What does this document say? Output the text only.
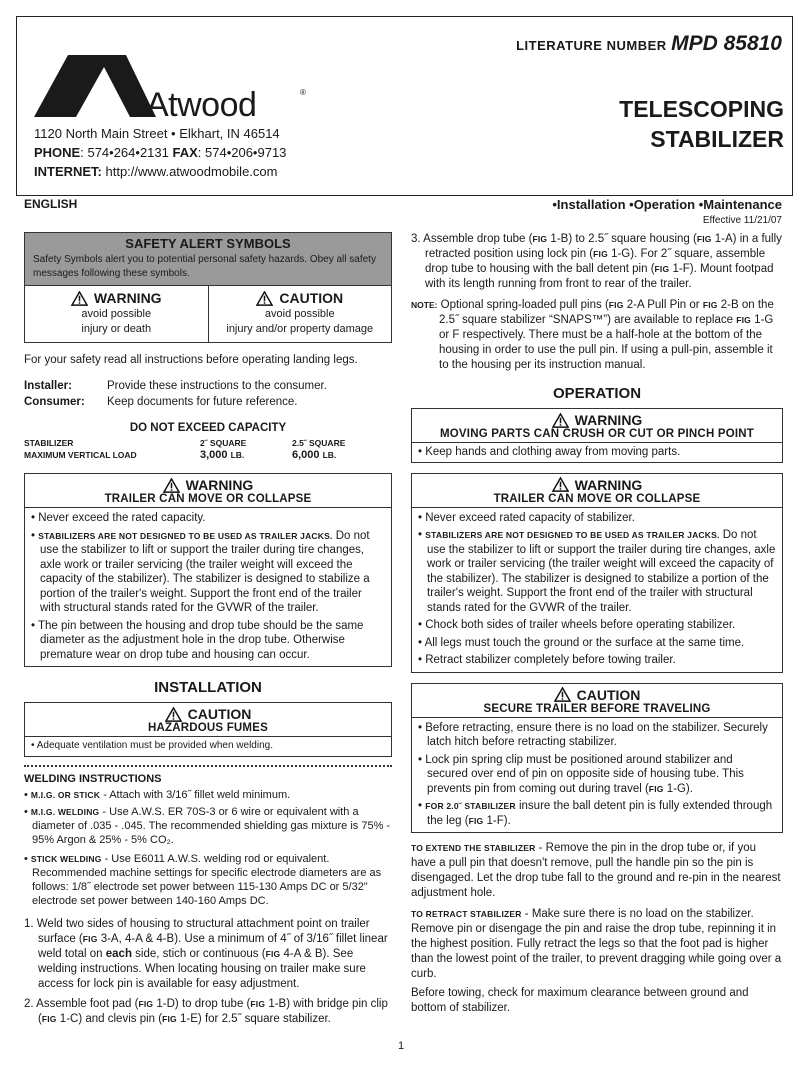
LITERATURE NUMBER MPD 85810
Atwood	®
1120 North Main Street • Elkhart, IN 46514
PHONE: 574•264•2131 FAX: 574•206•9713
INTERNET: http://www.atwoodmobile.com
TELESCOPING
STABILIZER
ENGLISH	•Installation •Operation •Maintenance
Effective 11/21/07
SAFETY ALERT SYMBOLS
Safety Symbols alert you to potential personal safety hazards. Obey all safety messages following these symbols.
WARNING
avoid possible
injury or death
CAUTION
avoid possible
injury and/or property damage
For your safety read all instructions before operating landing legs.
Installer:	Provide these instructions to the consumer.
Consumer:	Keep documents for future reference.
DO NOT EXCEED CAPACITY
STABILIZER	2˝ SQUARE	2.5˝ SQUARE
MAXIMUM VERTICAL LOAD	3,000 LB.	6,000 LB.
WARNING
TRAILER CAN MOVE OR COLLAPSE
• Never exceed the rated capacity.
• STABILIZERS ARE NOT DESIGNED TO BE USED AS TRAILER JACKS. Do not use the stabilizer to lift or support the trailer during tire changes, axle work or trailer servicing (the trailer weight will exceed the capacity of the stabilizer). The stabilizer is designed to stabilize a portion of the trailer's weight. Support the front end of the trailer with structural stands rated for the GVWR of the trailer.
• The pin between the housing and drop tube should be the same diameter as the adjustment hole in the drop tube. Otherwise premature wear on drop tube and housing can occur.
INSTALLATION
CAUTION
HAZARDOUS FUMES
• Adequate ventilation must be provided when welding.
WELDING INSTRUCTIONS
• M.I.G. OR STICK - Attach with 3/16˝ fillet weld minimum.
• M.I.G. WELDING - Use A.W.S. ER 70S-3 or 6 wire or equivalent with a diameter of .035 - .045. The recommended shielding gas mixture is 75% - 95% Argon & 25% - 5% CO₂.
• STICK WELDING - Use E6011 A.W.S. welding rod or equivalent. Recommended machine settings for specific electrode diameters are as follows: 1/8˝ electrode set power between 115-130 Amps DC or 5/32" electrode set power between 140-160 Amps DC.
1. Weld two sides of housing to structural attachment point on trailer surface (FIG 3-A, 4-A & 4-B). Use a minimum of 4˝ of 3/16˝ fillet linear weld total on each side, stich or continuous (FIG 4-A & B). See welding instructions. When locating housing on trailer make sure access for lock pin is available for easy adjustment.
2. Assemble foot pad (FIG 1-D) to drop tube (FIG 1-B) with bridge pin clip (FIG 1-C) and clevis pin (FIG 1-E) for 2.5˝ square stabilizer.
3. Assemble drop tube (FIG 1-B) to 2.5˝ square housing (FIG 1-A) in a fully retracted position using lock pin (FIG 1-G). For 2˝ square, assemble drop tube to housing with the ball detent pin (FIG 1-F). Mount footpad with its length running from front to rear of the trailer.
NOTE: Optional spring-loaded pull pins (FIG 2-A Pull Pin or FIG 2-B on the 2.5˝ square stabilizer “SNAPS™”) are available to replace FIG 1-G or F respectively. There must be a half-hole at the bottom of the housing in order to use the pull pin. If using a pull-pin, assemble it to the housing per its instruction manual.
OPERATION
WARNING
MOVING PARTS CAN CRUSH OR CUT OR PINCH POINT
• Keep hands and clothing away from moving parts.
WARNING
TRAILER CAN MOVE OR COLLAPSE
• Never exceed rated capacity of stabilizer.
• STABILIZERS ARE NOT DESIGNED TO BE USED AS TRAILER JACKS. Do not use the stabilizer to lift or support the trailer during tire changes, axle work or trailer servicing (the trailer weight will exceed the capacity of the stabilizer). The stabilizer is designed to stabilize a portion of the trailer's weight. Support the front end of the trailer with structural stands rated for the GVWR of the trailer.
• Chock both sides of trailer wheels before operating stabilizer.
• All legs must touch the ground or the surface at the same time.
• Retract stabilizer completely before towing trailer.
CAUTION
SECURE TRAILER BEFORE TRAVELING
• Before retracting, ensure there is no load on the stabilizer. Securely latch hitch before retracting stabilizer.
• Lock pin spring clip must be positioned around stabilizer and secured over end of pin on opposite side of housing tube. This prevents pin from coming out during travel (FIG 1-G).
• FOR 2.0˝ STABILIZER insure the ball detent pin is fully extended through the leg (FIG 1-F).
TO EXTEND THE STABILIZER - Remove the pin in the drop tube or, if you have a pull pin that doesn't remove, pull the handle pin so the pin is disengaged. Let the drop tube fall to the ground and re-pin in the nearest adjustment hole.
TO RETRACT STABILIZER - Make sure there is no load on the stabilizer. Remove pin or disengage the pin and raise the drop tube, repinning it in the highest position. Fully retract the legs so that the foot pad is higher than the lowest point of the trailer, to prevent dragging while going over a curb.
Before towing, check for maximum clearance between ground and bottom of stabilizer.
1
